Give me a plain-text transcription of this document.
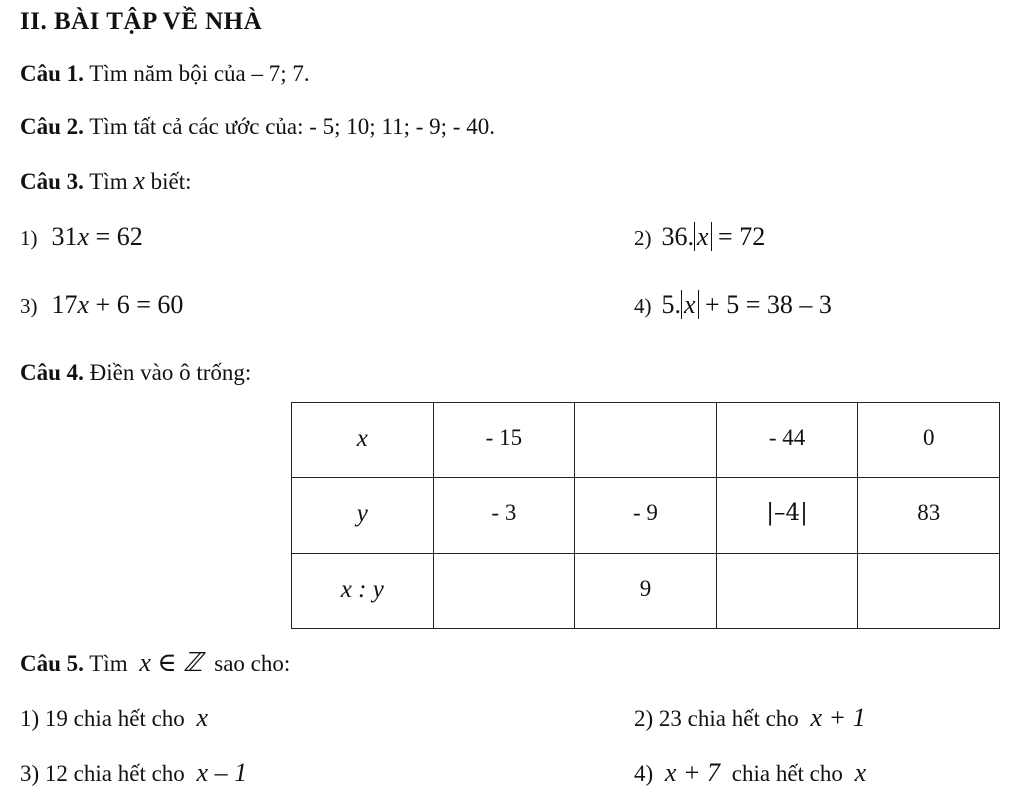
II. BÀI TẬP VỀ NHÀ
Câu 1. Tìm năm bội của – 7; 7.
Câu 2. Tìm tất cả các ước của: - 5; 10; 11; - 9; - 40.
Câu 3. Tìm x biết:
1) 31x = 62	2) 36. x = 72
3) 17x + 6 = 60	4) 5. x + 5 = 38 – 3
Câu 4. Điền vào ô trống:
x	- 15		- 44	0
y	- 3	- 9	|–4|	83
x : y		9		
Câu 5. Tìm x ∈ ℤ sao cho:
1) 19 chia hết cho x	2) 23 chia hết cho x + 1
3) 12 chia hết cho x – 1	4) x + 7 chia hết cho x
